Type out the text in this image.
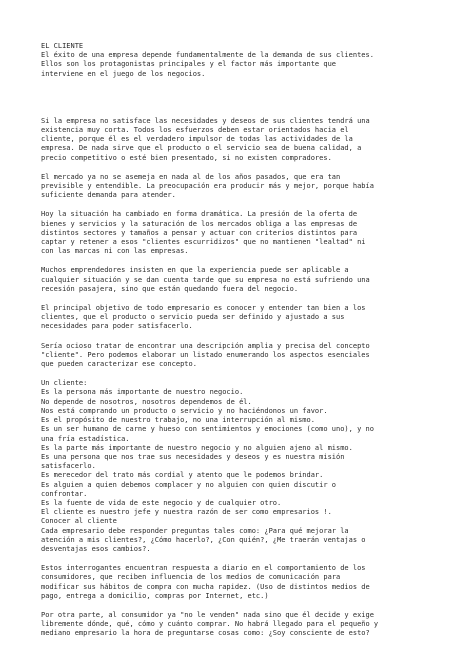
EL CLIENTE
El éxito de una empresa depende fundamentalmente de la demanda de sus clientes.
Ellos son los protagonistas principales y el factor más importante que
interviene en el juego de los negocios.
Si la empresa no satisface las necesidades y deseos de sus clientes tendrá una
existencia muy corta. Todos los esfuerzos deben estar orientados hacia el
cliente, porque él es el verdadero impulsor de todas las actividades de la
empresa. De nada sirve que el producto o el servicio sea de buena calidad, a
precio competitivo o esté bien presentado, si no existen compradores.
El mercado ya no se asemeja en nada al de los años pasados, que era tan
previsible y entendible. La preocupación era producir más y mejor, porque había
suficiente demanda para atender.
Hoy la situación ha cambiado en forma dramática. La presión de la oferta de
bienes y servicios y la saturación de los mercados obliga a las empresas de
distintos sectores y tamaños a pensar y actuar con criterios distintos para
captar y retener a esos "clientes escurridizos" que no mantienen "lealtad" ni
con las marcas ni con las empresas.
Muchos emprendedores insisten en que la experiencia puede ser aplicable a
cualquier situación y se dan cuenta tarde que su empresa no está sufriendo una
recesión pasajera, sino que están quedando fuera del negocio.
El principal objetivo de todo empresario es conocer y entender tan bien a los
clientes, que el producto o servicio pueda ser definido y ajustado a sus
necesidades para poder satisfacerlo.
Sería ocioso tratar de encontrar una descripción amplia y precisa del concepto
"cliente". Pero podemos elaborar un listado enumerando los aspectos esenciales
que pueden caracterizar ese concepto.
Un cliente:
Es la persona más importante de nuestro negocio.
No depende de nosotros, nosotros dependemos de él.
Nos está comprando un producto o servicio y no haciéndonos un favor.
Es el propósito de nuestro trabajo, no una interrupción al mismo.
Es un ser humano de carne y hueso con sentimientos y emociones (como uno), y no
una fría estadística.
Es la parte más importante de nuestro negocio y no alguien ajeno al mismo.
Es una persona que nos trae sus necesidades y deseos y es nuestra misión
satisfacerlo.
Es merecedor del trato más cordial y atento que le podemos brindar.
Es alguien a quien debemos complacer y no alguien con quien discutir o
confrontar.
Es la fuente de vida de este negocio y de cualquier otro.
El cliente es nuestro jefe y nuestra razón de ser como empresarios !.
Conocer al cliente
Cada empresario debe responder preguntas tales como: ¿Para qué mejorar la
atención a mis clientes?, ¿Cómo hacerlo?, ¿Con quién?, ¿Me traerán ventajas o
desventajas esos cambios?.
Estos interrogantes encuentran respuesta a diario en el comportamiento de los
consumidores, que reciben influencia de los medios de comunicación para
modificar sus hábitos de compra con mucha rapidez. (Uso de distintos medios de
pago, entrega a domicilio, compras por Internet, etc.)
Por otra parte, al consumidor ya "no le venden" nada sino que él decide y exige
libremente dónde, qué, cómo y cuánto comprar. No habrá llegado para el pequeño y
mediano empresario la hora de preguntarse cosas como: ¿Soy consciente de esto?
